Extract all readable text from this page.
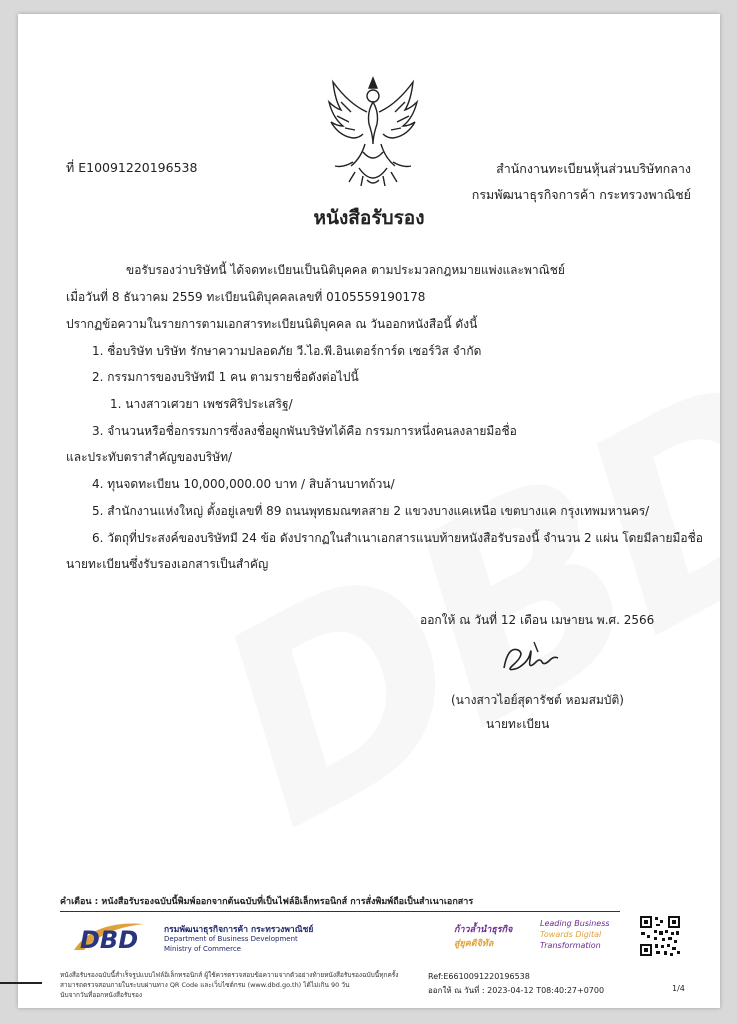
ที่ E10091220196538	สำนักงานทะเบียนหุ้นส่วนบริษัทกลาง
กรมพัฒนาธุรกิจการค้า กระทรวงพาณิชย์
หนังสือรับรอง
ขอรับรองว่าบริษัทนี้ ได้จดทะเบียนเป็นนิติบุคคล ตามประมวลกฎหมายแพ่งและพาณิชย์
เมื่อวันที่ 8 ธันวาคม 2559 ทะเบียนนิติบุคคลเลขที่ 0105559190178
ปรากฏข้อความในรายการตามเอกสารทะเบียนนิติบุคคล ณ วันออกหนังสือนี้ ดังนี้
1. ชื่อบริษัท บริษัท รักษาความปลอดภัย วี.ไอ.พี.อินเตอร์การ์ด เซอร์วิส จำกัด
2. กรรมการของบริษัทมี 1 คน ตามรายชื่อดังต่อไปนี้
1. นางสาวเศวยา เพชรศิริประเสริฐ/
3. จำนวนหรือชื่อกรรมการซึ่งลงชื่อผูกพันบริษัทได้คือ กรรมการหนึ่งคนลงลายมือชื่อ
และประทับตราสำคัญของบริษัท/
4. ทุนจดทะเบียน 10,000,000.00 บาท / สิบล้านบาทถ้วน/
5. สำนักงานแห่งใหญ่ ตั้งอยู่เลขที่ 89 ถนนพุทธมณฑลสาย 2 แขวงบางแคเหนือ เขตบางแค กรุงเทพมหานคร/
6. วัตถุที่ประสงค์ของบริษัทมี 24 ข้อ ดังปรากฏในสำเนาเอกสารแนบท้ายหนังสือรับรองนี้ จำนวน 2 แผ่น โดยมีลายมือชื่อ
นายทะเบียนซึ่งรับรองเอกสารเป็นสำคัญ
ออกให้ ณ วันที่ 12 เดือน เมษายน พ.ศ. 2566
(นางสาวไอย์สุดารัชต์ หอมสมบัติ)
นายทะเบียน
คำเตือน : หนังสือรับรองฉบับนี้พิมพ์ออกจากต้นฉบับที่เป็นไฟล์อิเล็กทรอนิกส์ การสั่งพิมพ์ถือเป็นสำเนาเอกสาร
DBD	กรมพัฒนาธุรกิจการค้า กระทรวงพาณิชย์
Department of Business Development
Ministry of Commerce
ก้าวล้ำนำธุรกิจ
สู่ยุคดิจิทัล
Leading Business
Towards Digital
Transformation
หนังสือรับรองฉบับนี้สำเร็จรูปแบบไฟล์อิเล็กทรอนิกส์ ผู้ใช้ควรตรวจสอบข้อความจากตัวอย่างท้ายหนังสือรับรองฉบับนี้ทุกครั้ง
สามารถตรวจสอบภายในระบบผ่านทาง QR Code และเว็บไซต์กรม (www.dbd.go.th) ได้ไม่เกิน 90 วัน
นับจากวันที่ออกหนังสือรับรอง
Ref:E6610091220196538
ออกให้ ณ วันที่ : 2023-04-12 T08:40:27+0700	1/4
